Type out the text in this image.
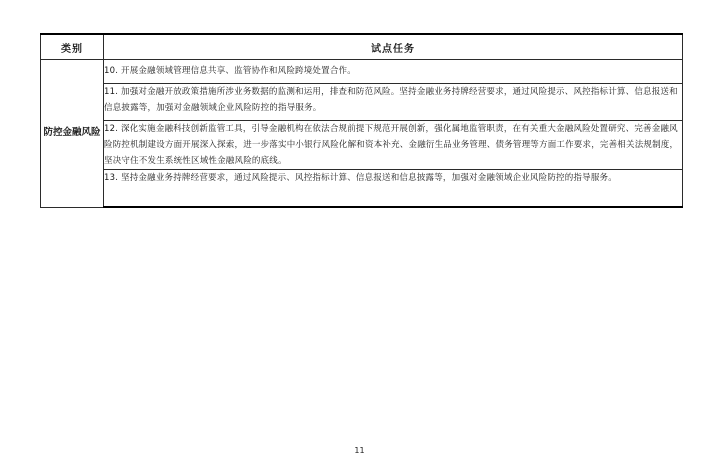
类别	试点任务
防控金融风险	10. 开展金融领域管理信息共享、监管协作和风险跨境处置合作。
	11. 加强对金融开放政策措施所涉业务数据的监测和运用，排查和防范风险。坚持金融业务持牌经营要求，通过风险提示、风控指标计算、信息报送和信息披露等，加强对金融领域企业风险防控的指导服务。
	12. 深化实施金融科技创新监管工具，引导金融机构在依法合规前提下规范开展创新，强化属地监管职责，在有关重大金融风险处置研究、完善金融风险防控机制建设方面开展深入探索，进一步落实中小银行风险化解和资本补充、金融衍生品业务管理、债务管理等方面工作要求，完善相关法规制度，坚决守住不发生系统性区域性金融风险的底线。
	13. 坚持金融业务持牌经营要求，通过风险提示、风控指标计算、信息报送和信息披露等，加强对金融领域企业风险防控的指导服务。
11
